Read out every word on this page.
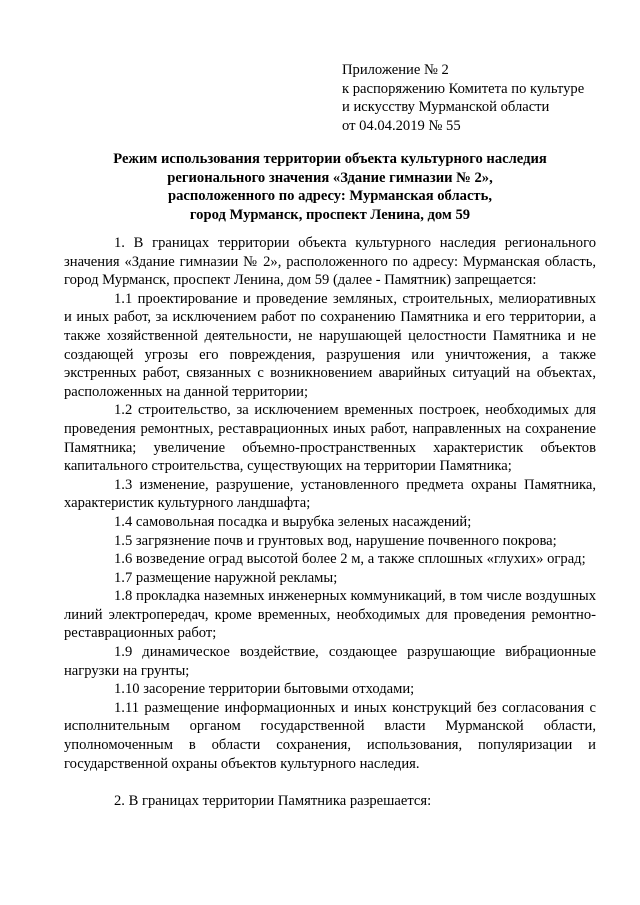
Приложение № 2
к распоряжению Комитета по культуре
и искусству Мурманской области
от 04.04.2019 № 55
Режим использования территории объекта культурного наследия
регионального значения «Здание гимназии № 2»,
расположенного по адресу: Мурманская область,
город Мурманск, проспект Ленина, дом 59

1. В границах территории объекта культурного наследия регионального значения «Здание гимназии № 2», расположенного по адресу: Мурманская область, город Мурманск, проспект Ленина, дом 59 (далее - Памятник) запрещается:

1.1 проектирование и проведение земляных, строительных, мелиоративных и иных работ, за исключением работ по сохранению Памятника и его территории, а также хозяйственной деятельности, не нарушающей целостности Памятника и не создающей угрозы его повреждения, разрушения или уничтожения, а также экстренных работ, связанных с возникновением аварийных ситуаций на объектах, расположенных на данной территории;

1.2 строительство, за исключением временных построек, необходимых для проведения ремонтных, реставрационных иных работ, направленных на сохранение Памятника; увеличение объемно-пространственных характеристик объектов капитального строительства, существующих на территории Памятника;

1.3 изменение, разрушение, установленного предмета охраны Памятника, характеристик культурного ландшафта;

1.4 самовольная посадка и вырубка зеленых насаждений;

1.5 загрязнение почв и грунтовых вод, нарушение почвенного покрова;

1.6 возведение оград высотой более 2 м, а также сплошных «глухих» оград;

1.7 размещение наружной рекламы;

1.8 прокладка наземных инженерных коммуникаций, в том числе воздушных линий электропередач, кроме временных, необходимых для проведения ремонтно-реставрационных работ;

1.9 динамическое воздействие, создающее разрушающие вибрационные нагрузки на грунты;

1.10 засорение территории бытовыми отходами;

1.11 размещение информационных и иных конструкций без согласования с исполнительным органом государственной власти Мурманской области, уполномоченным в области сохранения, использования, популяризации и государственной охраны объектов культурного наследия.

2. В границах территории Памятника разрешается:
